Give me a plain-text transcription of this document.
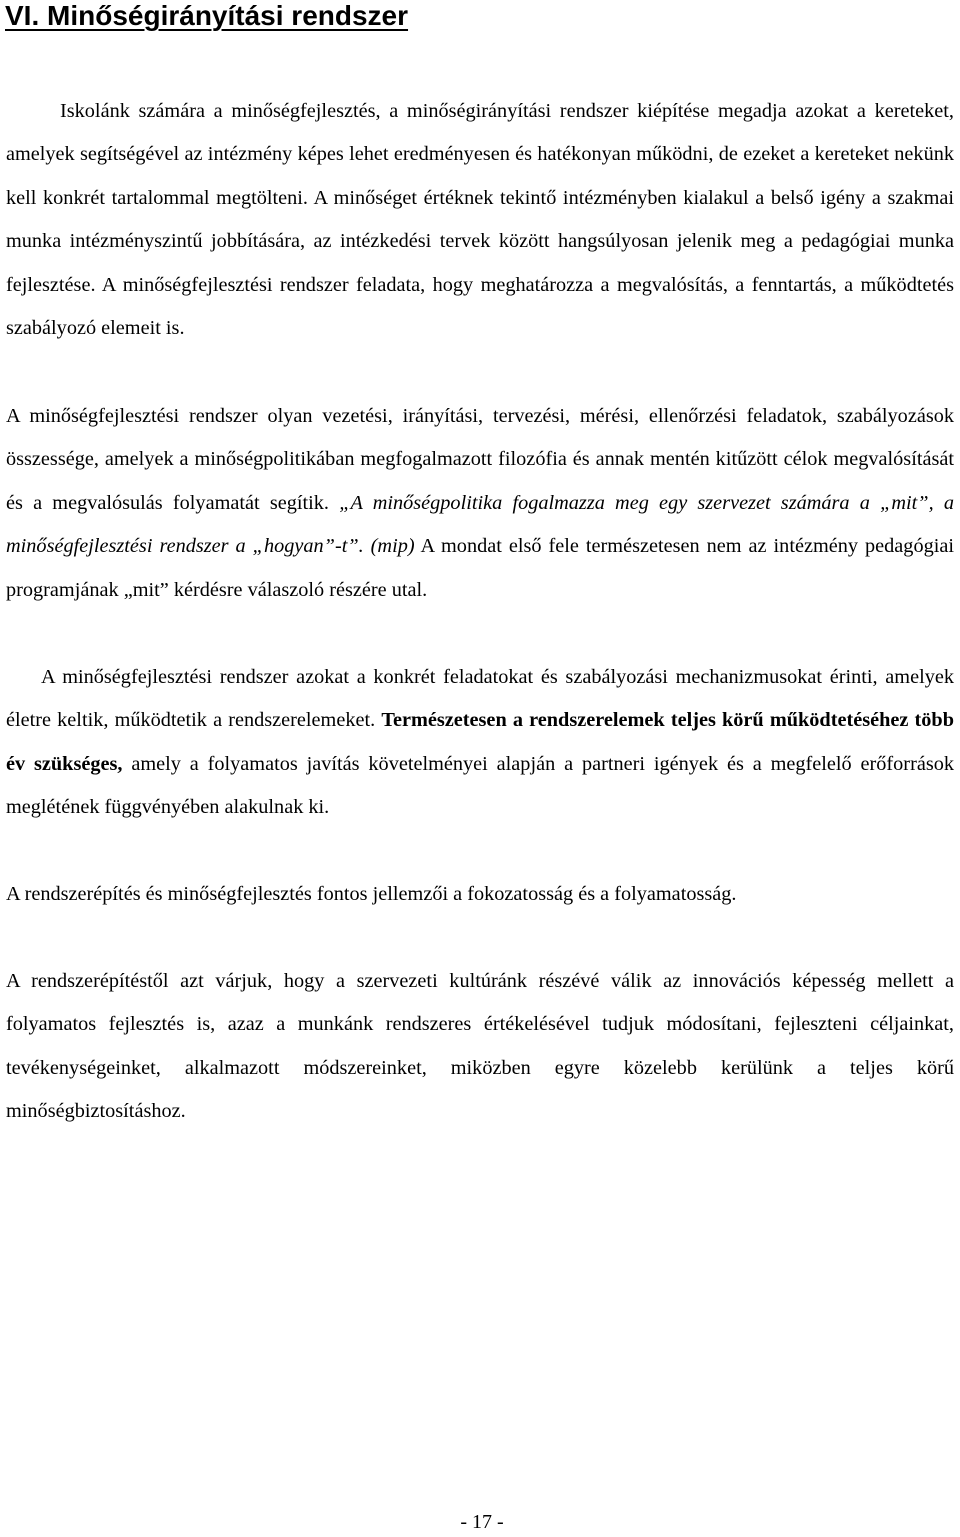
VI. Minőségirányítási rendszer

Iskolánk számára a minőségfejlesztés, a minőségirányítási rendszer kiépítése megadja azokat a kereteket, amelyek segítségével az intézmény képes lehet eredményesen és hatékonyan működni, de ezeket a kereteket nekünk kell konkrét tartalommal megtölteni. A minőséget értéknek tekintő intézményben kialakul a belső igény a szakmai munka intézményszintű jobbítására, az intézkedési tervek között hangsúlyosan jelenik meg a pedagógiai munka fejlesztése. A minőségfejlesztési rendszer feladata, hogy meghatározza a megvalósítás, a fenntartás, a működtetés szabályozó elemeit is.

A minőségfejlesztési rendszer olyan vezetési, irányítási, tervezési, mérési, ellenőrzési feladatok, szabályozások összessége, amelyek a minőségpolitikában megfogalmazott filozófia és annak mentén kitűzött célok megvalósítását és a megvalósulás folyamatát segítik. „A minőségpolitika fogalmazza meg egy szervezet számára a „mit”, a minőségfejlesztési rendszer a „hogyan”-t”. (mip) A mondat első fele természetesen nem az intézmény pedagógiai programjának „mit” kérdésre válaszoló részére utal.

A minőségfejlesztési rendszer azokat a konkrét feladatokat és szabályozási mechanizmusokat érinti, amelyek életre keltik, működtetik a rendszerelemeket. Természetesen a rendszerelemek teljes körű működtetéséhez több év szükséges, amely a folyamatos javítás követelményei alapján a partneri igények és a megfelelő erőforrások meglétének függvényében alakulnak ki.

A rendszerépítés és minőségfejlesztés fontos jellemzői a fokozatosság és a folyamatosság.

A rendszerépítéstől azt várjuk, hogy a szervezeti kultúránk részévé válik az innovációs képesség mellett a folyamatos fejlesztés is, azaz a munkánk rendszeres értékelésével tudjuk módosítani, fejleszteni céljainkat, tevékenységeinket, alkalmazott módszereinket, miközben egyre közelebb kerülünk a teljes körű minőségbiztosításhoz.

- 17 -
